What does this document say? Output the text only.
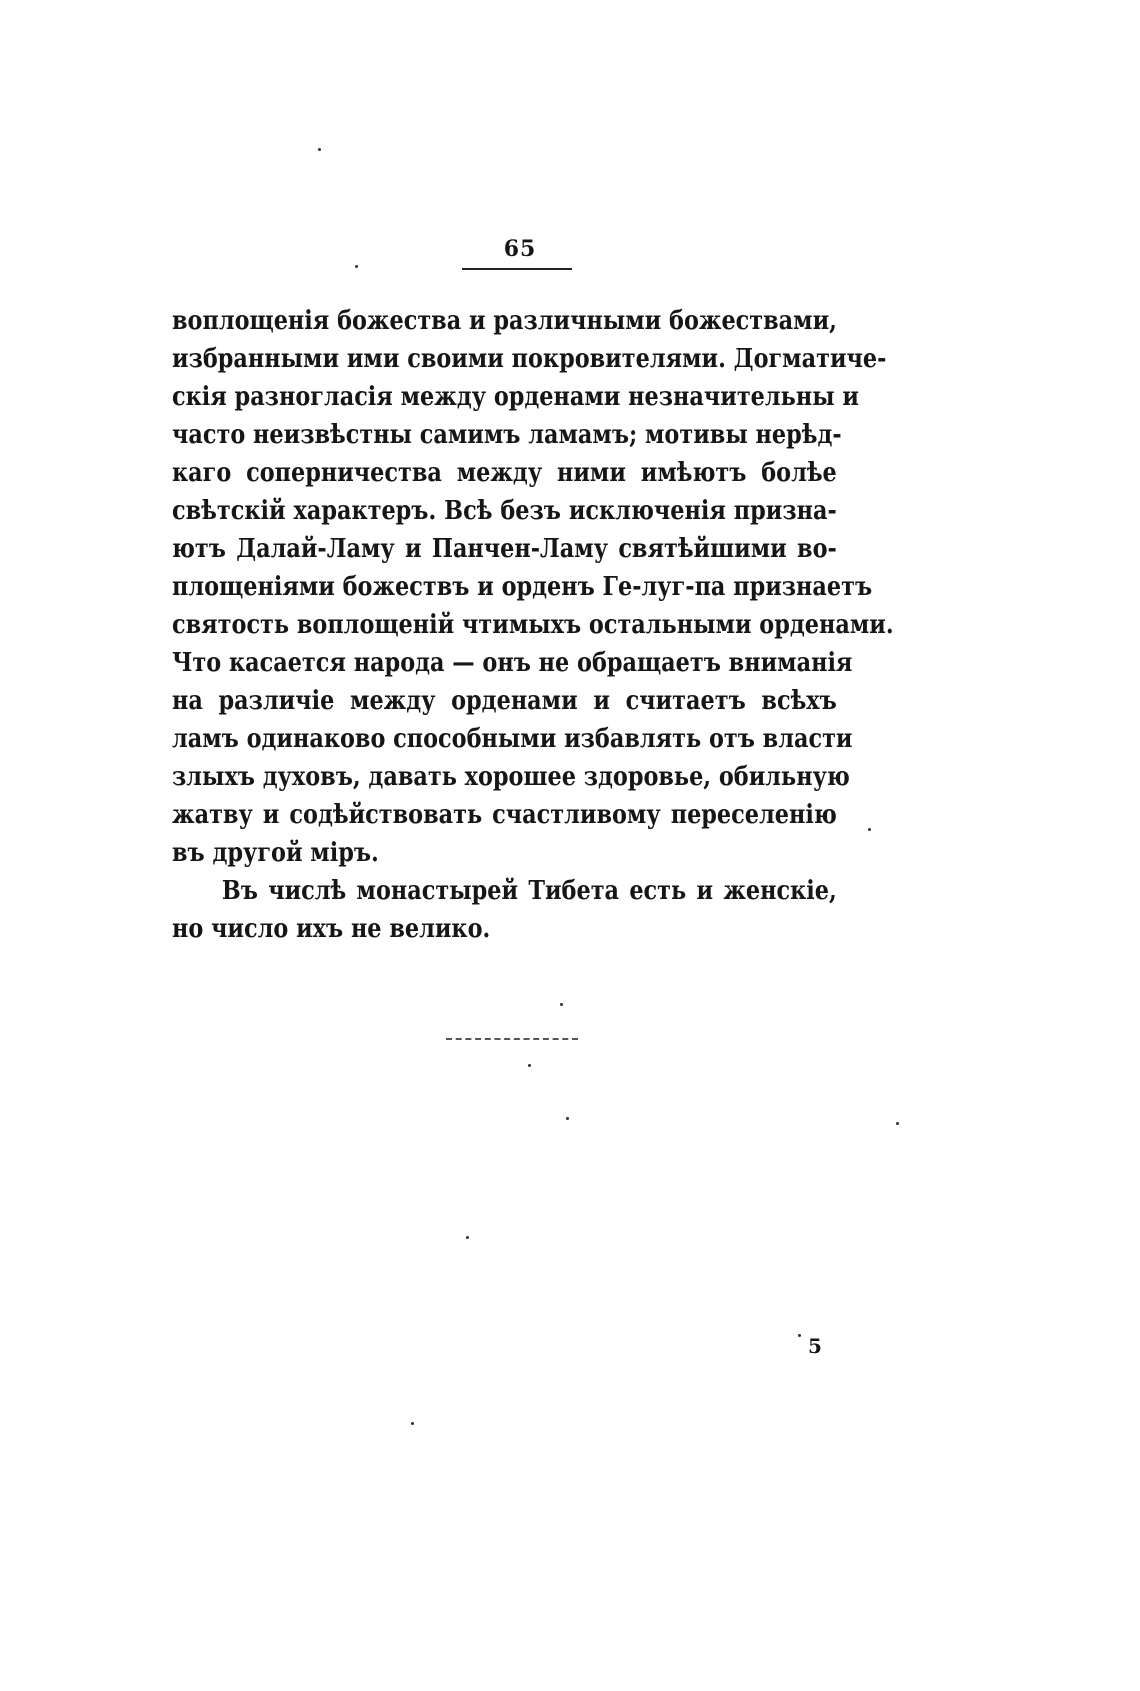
65
воплощенія божества и различными божествами,
избранными ими своими покровителями. Догматиче-
скія разногласія между орденами незначительны и
часто неизвѣстны самимъ ламамъ; мотивы нерѣд-
каго соперничества между ними имѣютъ болѣе
свѣтскій характеръ. Всѣ безъ исключенія призна-
ютъ Далай-Ламу и Панчен-Ламу святѣйшими во-
площеніями божествъ и орденъ Ге-луг-па признаетъ
святость воплощеній чтимыхъ остальными орденами.
Что касается народа — онъ не обращаетъ вниманія
на различіе между орденами и считаетъ всѣхъ
ламъ одинаково способными избавлять отъ власти
злыхъ духовъ, давать хорошее здоровье, обильную
жатву и содѣйствовать счастливому переселенію
въ другой міръ.
Въ числѣ монастырей Тибета есть и женскіе,
но число ихъ не велико.
5
